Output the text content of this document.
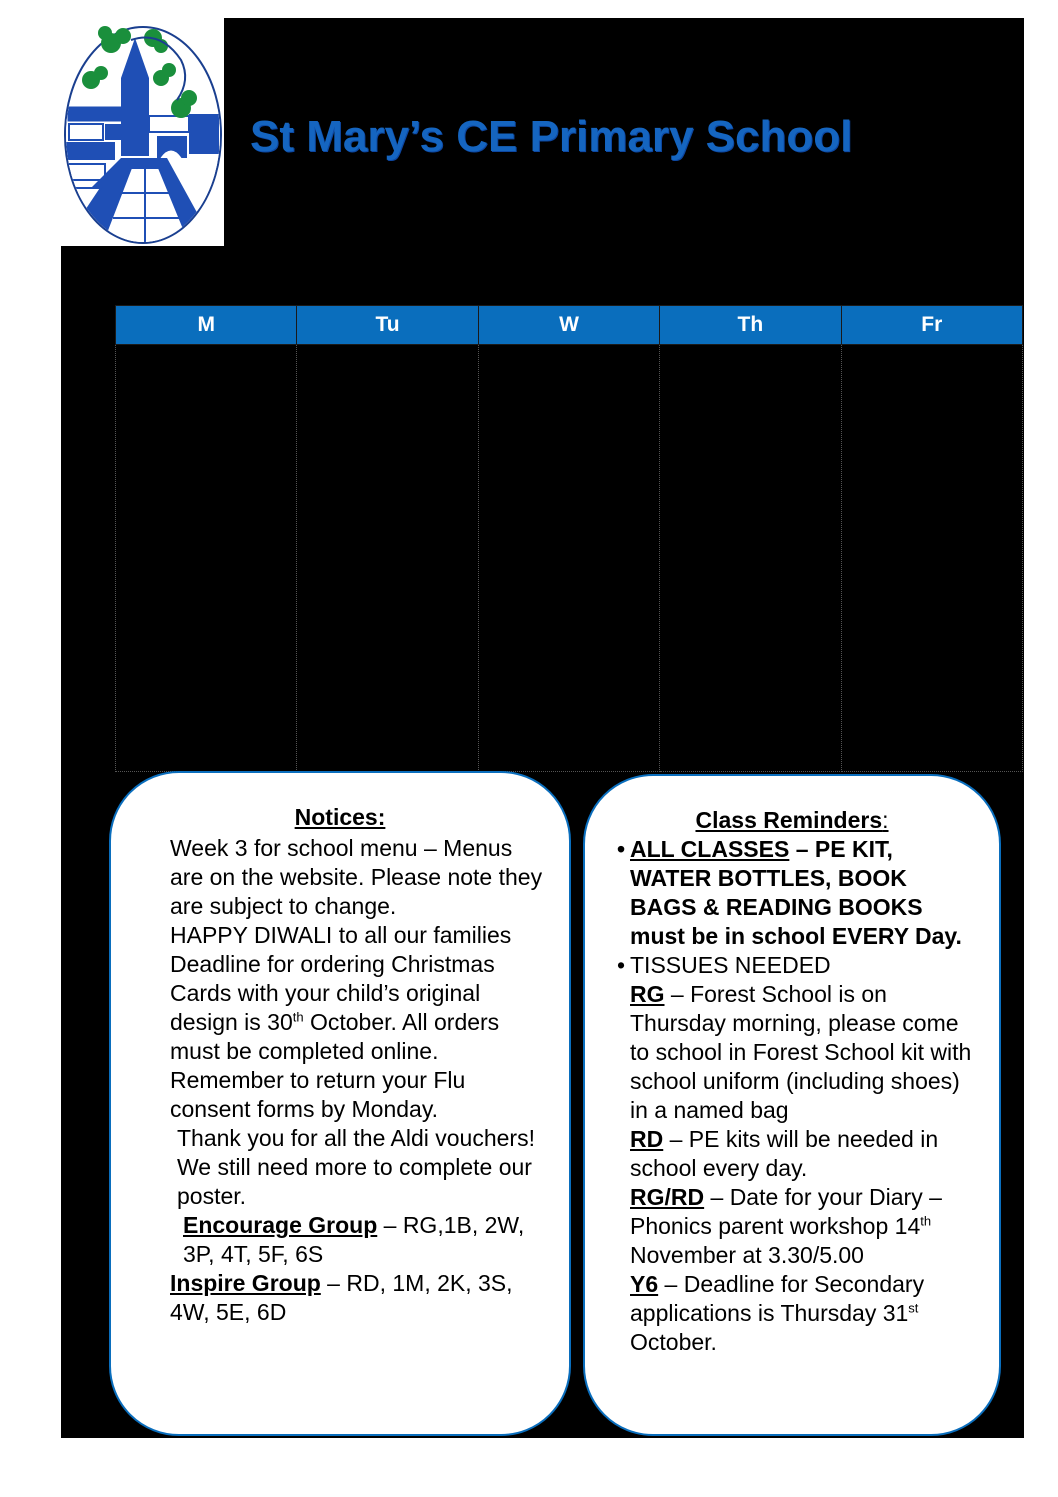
St Mary’s CE Primary School
M	Tu	W	Th	Fr

Notices:

• Week 3 for school menu – Menus are on the website. Please note they are subject to change.
• HAPPY DIWALI to all our families
• Deadline for ordering Christmas Cards with your child’s original design is 30th October. All orders must be completed online.
• Remember to return your Flu consent forms by Monday.
• Thank you for all the Aldi vouchers! We still need more to complete our poster.
• Encourage Group – RG,1B, 2W, 3P, 4T, 5F, 6S
• Inspire Group – RD, 1M, 2K, 3S, 4W, 5E, 6D

Class Reminders:

• ALL CLASSES – PE KIT, WATER BOTTLES, BOOK BAGS & READING BOOKS must be in school EVERY Day.
• TISSUES NEEDED
RG – Forest School is on Thursday morning, please come to school in Forest School kit with school uniform (including shoes) in a named bag
RD – PE kits will be needed in school every day.
RG/RD – Date for your Diary – Phonics parent workshop 14th November at 3.30/5.00
Y6 – Deadline for Secondary applications is Thursday 31st October.
